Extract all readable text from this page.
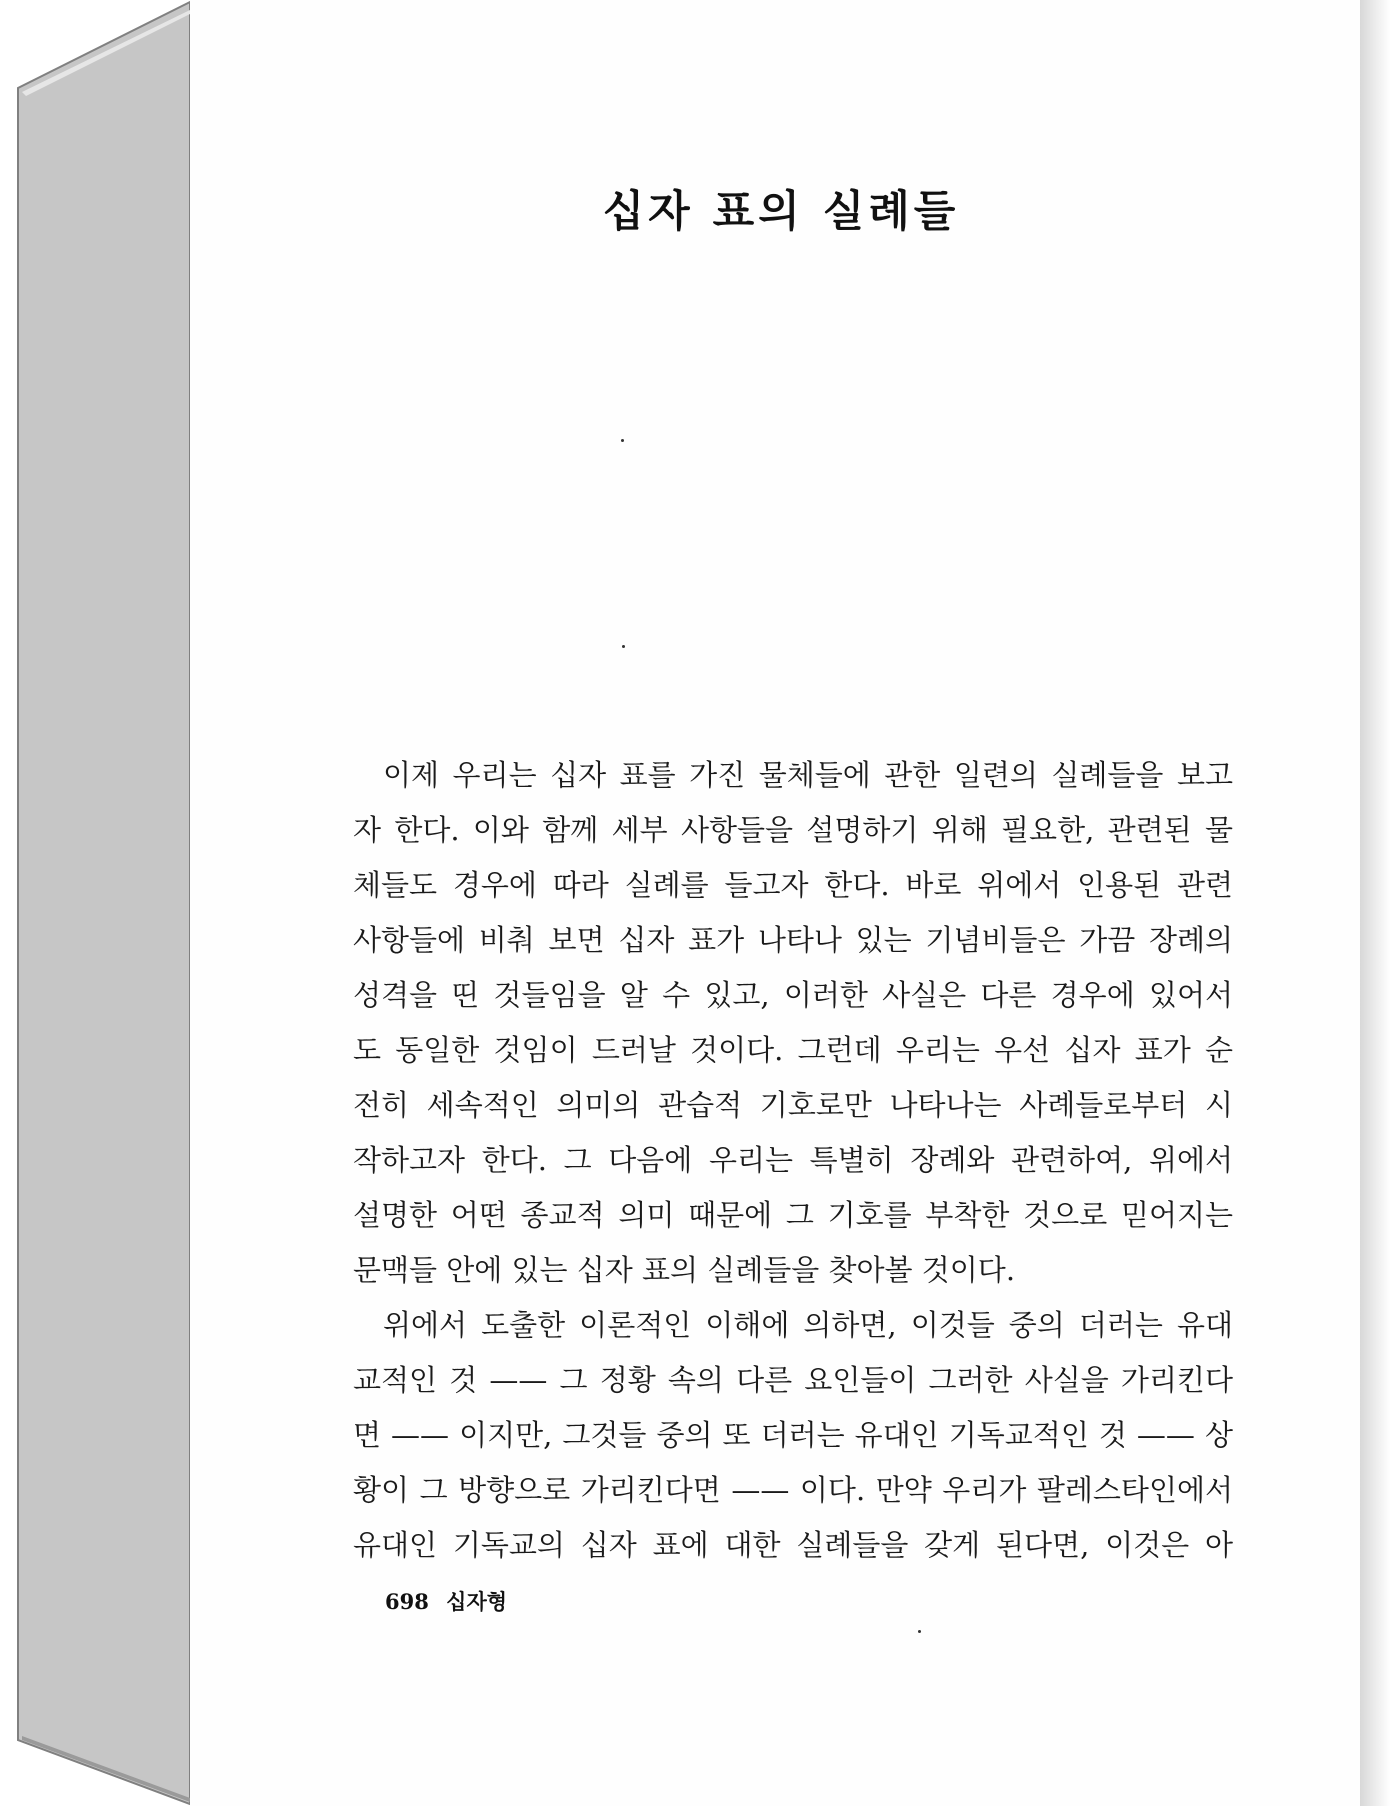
십자 표의 실례들
이제 우리는 십자 표를 가진 물체들에 관한 일련의 실례들을 보고
자 한다. 이와 함께 세부 사항들을 설명하기 위해 필요한, 관련된 물
체들도 경우에 따라 실례를 들고자 한다. 바로 위에서 인용된 관련
사항들에 비춰 보면 십자 표가 나타나 있는 기념비들은 가끔 장례의
성격을 띤 것들임을 알 수 있고, 이러한 사실은 다른 경우에 있어서
도 동일한 것임이 드러날 것이다. 그런데 우리는 우선 십자 표가 순
전히 세속적인 의미의 관습적 기호로만 나타나는 사례들로부터 시
작하고자 한다. 그 다음에 우리는 특별히 장례와 관련하여, 위에서
설명한 어떤 종교적 의미 때문에 그 기호를 부착한 것으로 믿어지는
문맥들 안에 있는 십자 표의 실례들을 찾아볼 것이다.
위에서 도출한 이론적인 이해에 의하면, 이것들 중의 더러는 유대
교적인 것 —— 그 정황 속의 다른 요인들이 그러한 사실을 가리킨다
면 —— 이지만, 그것들 중의 또 더러는 유대인 기독교적인 것 —— 상
황이 그 방향으로 가리킨다면 —— 이다. 만약 우리가 팔레스타인에서
유대인 기독교의 십자 표에 대한 실례들을 갖게 된다면, 이것은 아
698 십자형
